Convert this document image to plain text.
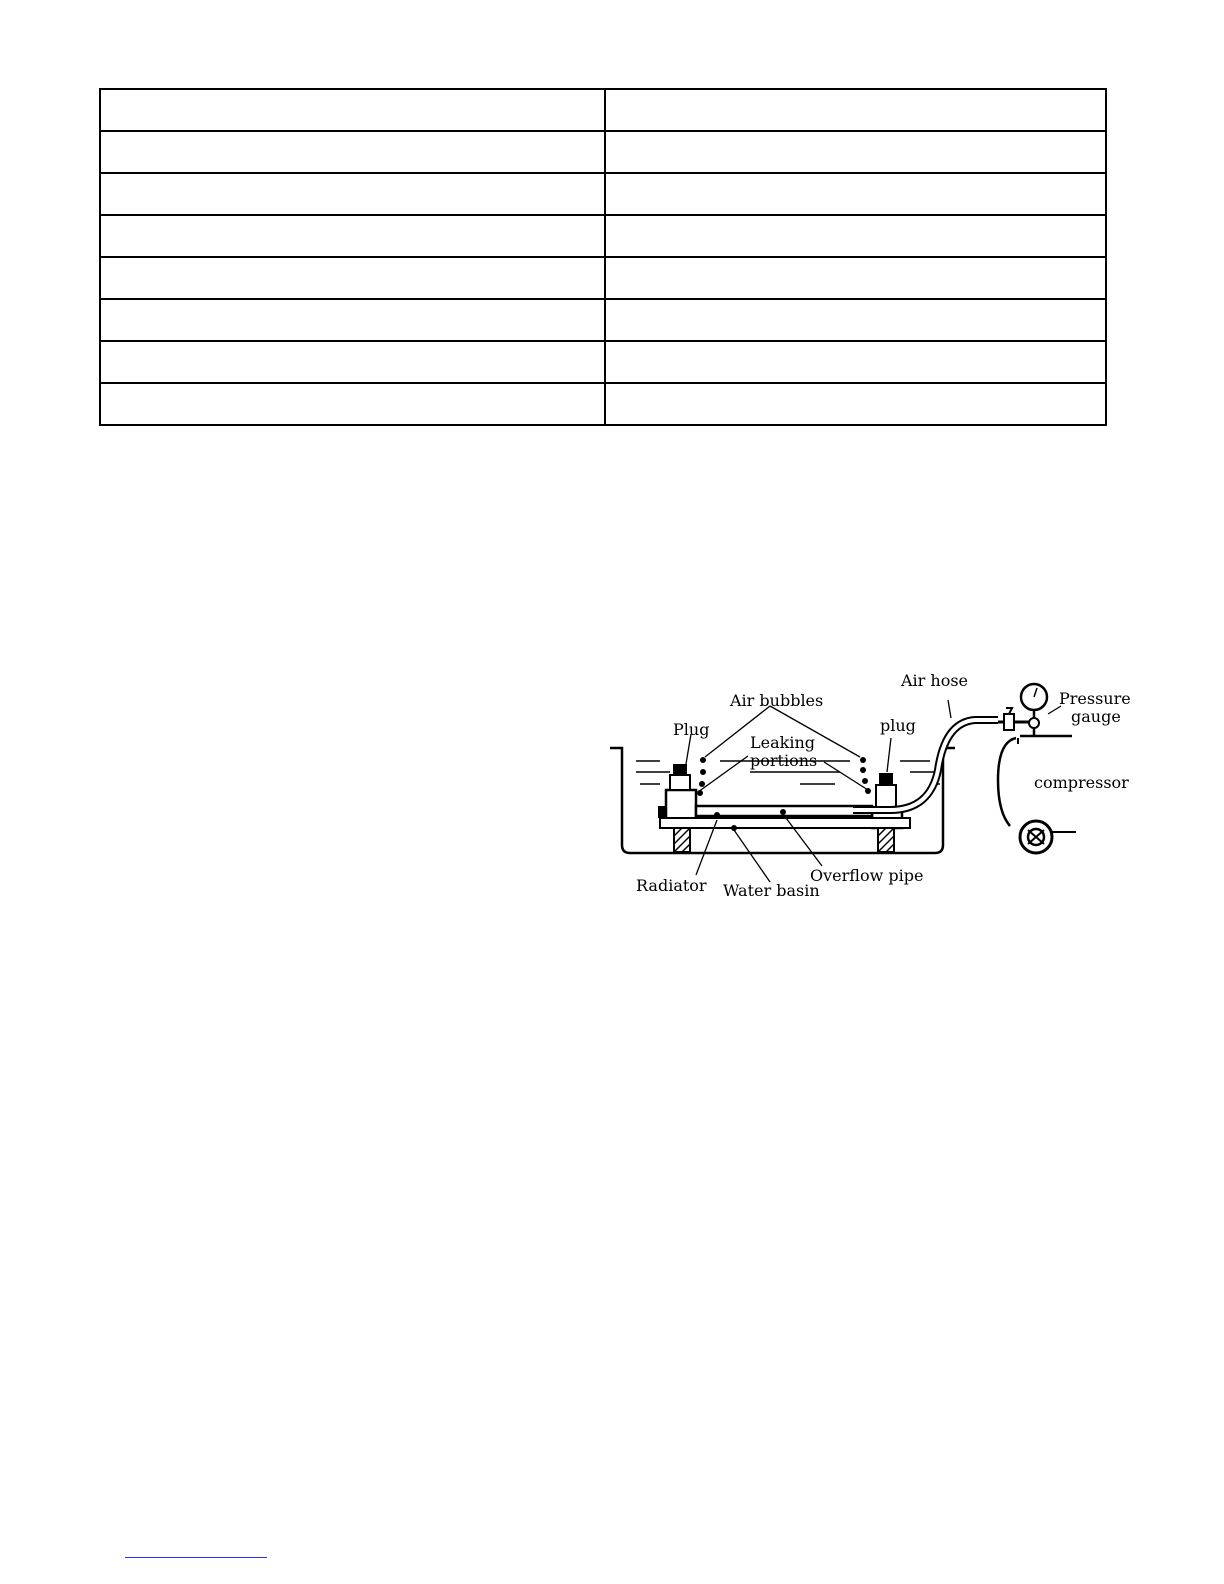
Air bubbles
Air hose
Pressure
gauge
Plug	plug
Leaking
portions
compressor
Radiator Water basin
Overflow pipe
